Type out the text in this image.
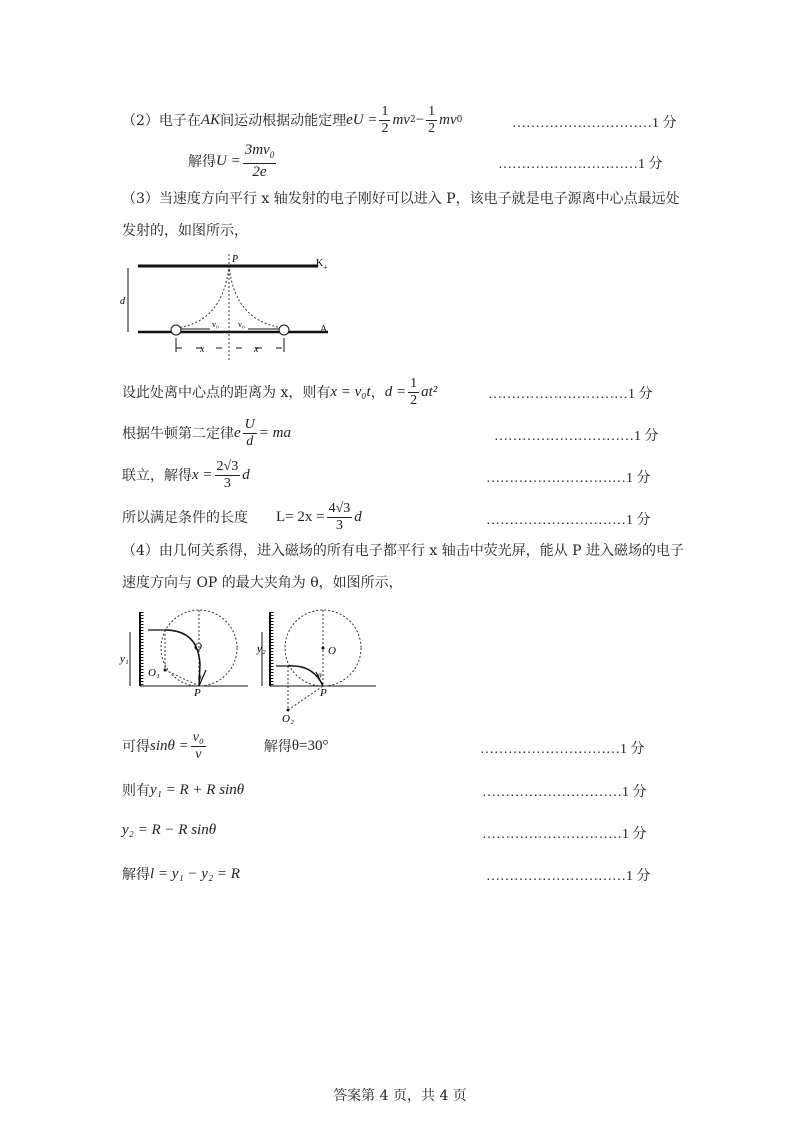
（2）电子在 AK 间运动根据动能定理 eU = $\frac{1}{2}$ mv $2 - \frac{1}{2}$ mv 0	…………………………1 分
解得 $U = \frac{3mv_0}{2e}$	…………………………1 分
（3）当速度方向平行 x 轴发射的电子刚好可以进入 P，该电子就是电子源离中心点最远处
发射的，如图所示，
P	K +
A
d
v₀ v₀
x	x
设此处离中心点的距离为 x，则有 x = v₀t ， $d = \frac{1}{2} at^2$	…………………………1 分
根据牛顿第二定律 e $\frac{U}{d}$ = ma	…………………………1 分
联立，解得 $x = \frac{2√3}{3}$ d	…………………………1 分
所以满足条件的长度 $L= 2x = \frac{4√3}{3}$ d	…………………………1 分
（4）由几何关系得，进入磁场的所有电子都平行 x 轴击中荧光屏，能从 P 进入磁场的电子
速度方向与 OP 的最大夹角为 θ，如图所示，
y₁
O
O₁
P
θ
y₂	O
O₂
P
θ
可得 $\sin\theta = \frac{\text{v₀}}{v}$	解得 θ=30°	…………………………1 分
则有 y₁ = R + R sinθ	…………………………1 分
y₂ = R − R sinθ	…………………………1 分
解得 l = y₁ − y₂ = R	…………………………1 分
答案第 4 页，共 4 页
